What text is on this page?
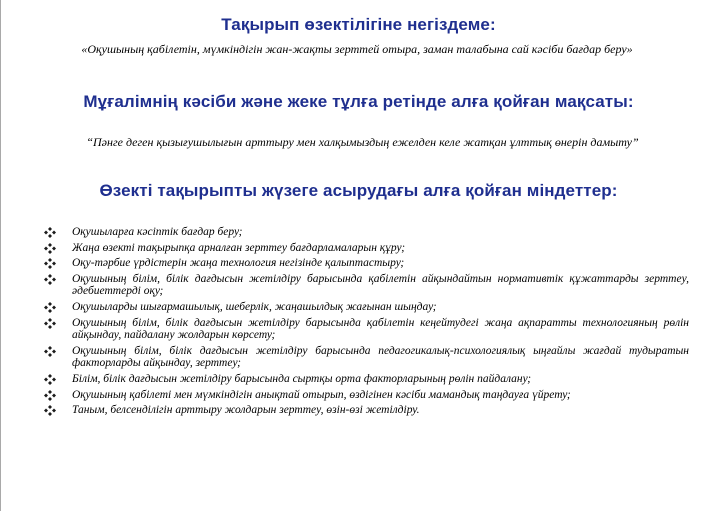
Тақырып өзектілігіне негіздеме:
«Оқушының қабілетін, мүмкіндігін жан-жақты зерттей отыра, заман талабына сай кәсіби бағдар беру»
Мұғалімнің кәсіби және жеке тұлға ретінде алға қойған мақсаты:
“Пәнге деген қызығушылығын арттыру мен халқымыздың ежелден келе жатқан ұлттық өнерін дамыту”
Өзекті тақырыпты жүзеге асырудағы алға қойған міндеттер:
Оқушыларға кәсіптік бағдар беру;
Жаңа өзекті тақырыпқа арналған зерттеу бағдарламаларын құру;
Оқу-тәрбие үрдістерін жаңа технология негізінде қалыптастыру;
Оқушының білім, білік дағдысын жетілдіру барысында қабілетін айқындайтын нормативтік құжаттарды зерттеу, әдебиеттерді оқу;
Оқушыларды шығармашылық, шеберлік, жаңашылдық жағынан шыңдау;
Оқушының білім, білік дағдысын жетілдіру барысында қабілетін кеңейтудегі жаңа ақпаратты технологияның рөлін айқындау, пайдалану жолдарын көрсету;
Оқушының білім, білік дағдысын жетілдіру барысында педагогикалық-психологиялық ыңғайлы жағдай тудыратын факторларды айқындау, зерттеу;
Білім, білік дағдысын жетілдіру барысында сыртқы орта факторларының рөлін пайдалану;
Оқушының қабілеті мен мүмкіндігін анықтай отырып, өздігінен кәсіби мамандық таңдауға үйрету;
Таным, белсенділігін арттыру жолдарын зерттеу, өзін-өзі жетілдіру.
